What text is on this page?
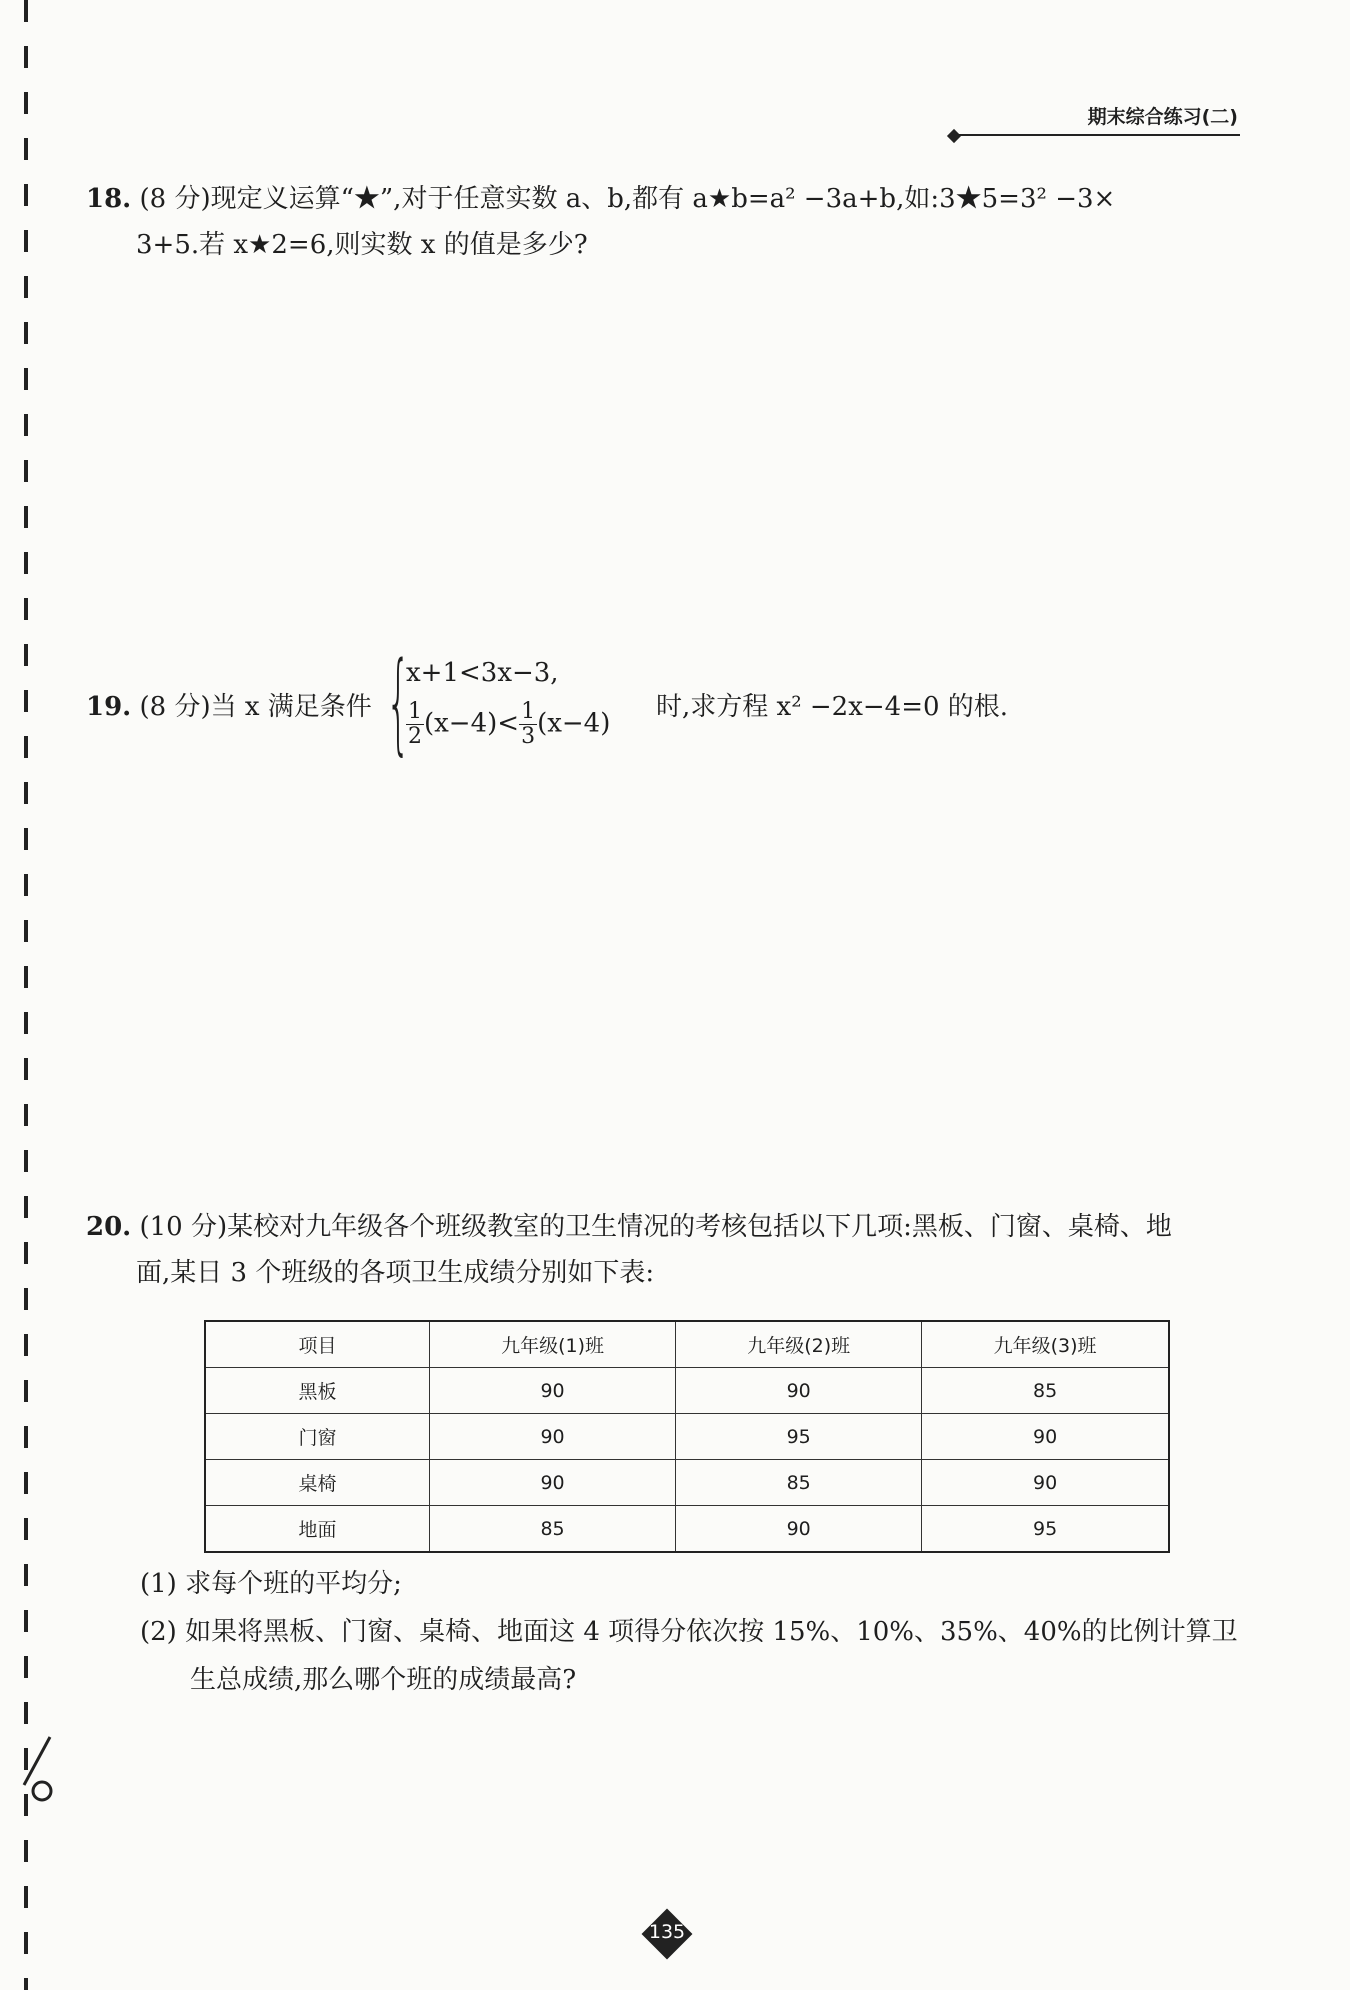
期末综合练习(二)
18. (8 分)现定义运算“★”,对于任意实数 a、b,都有 a★b=a² −3a+b,如:3★5=3² −3×
3+5.若 x★2=6,则实数 x 的值是多少?
19. (8 分)当 x 满足条件 {
x+1<3x−3,
$\frac{1}{2} (x-4)< \frac{1}{3} (x-4)$
时,求方程 x² −2x−4=0 的根.
20. (10 分)某校对九年级各个班级教室的卫生情况的考核包括以下几项:黑板、门窗、桌椅、地
面,某日 3 个班级的各项卫生成绩分别如下表:
项目	九年级(1)班	九年级(2)班	九年级(3)班
黑板	90	90	85
门窗	90	95	90
桌椅	90	85	90
地面	85	90	95
(1) 求每个班的平均分;
(2) 如果将黑板、门窗、桌椅、地面这 4 项得分依次按 15%、10%、35%、40%的比例计算卫生总成绩,那么哪个班的成绩最高?
135
